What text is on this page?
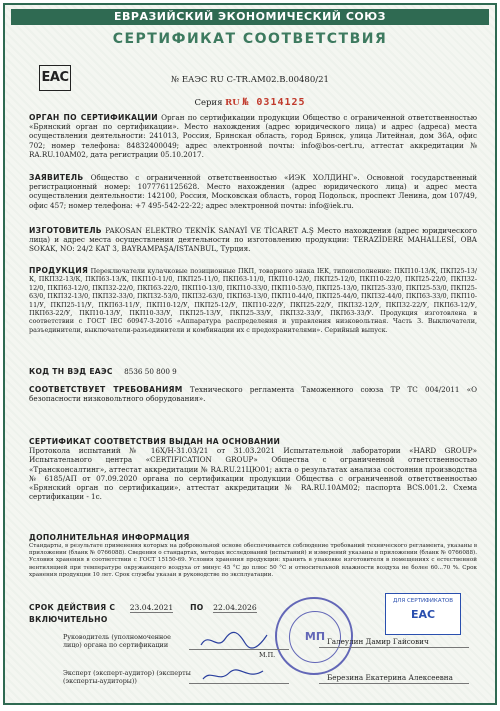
ЕВРАЗИЙСКИЙ ЭКОНОМИЧЕСКИЙ СОЮЗ
СЕРТИФИКАТ СООТВЕТСТВИЯ
ЕАС	№ ЕАЭС RU С-TR.АМ02.В.00480/21
Серия RU № 0314125
ОРГАН ПО СЕРТИФИКАЦИИ Орган по сертификации продукции Общество с ограниченной ответственностью «Брянский орган по сертификации». Место нахождения (адрес юридического лица) и адрес (адреса) места осуществления деятельности: 241013, Россия, Брянская область, город Брянск, улица Литейная, дом 36А, офис 702; номер телефона: 84832400049; адрес электронной почты: info@bos-cert.ru, аттестат аккредитации № RA.RU.10AM02, дата регистрации 05.10.2017.
ЗАЯВИТЕЛЬ Общество с ограниченной ответственностью «ИЭК ХОЛДИНГ». Основной государственный регистрационный номер: 1077761125628. Место нахождения (адрес юридического лица) и адрес места осуществления деятельности: 142100, Россия, Московская область, город Подольск, проспект Ленина, дом 107/49, офис 457; номер телефона: +7 495-542-22-22; адрес электронной почты: info@iek.ru.
ИЗГОТОВИТЕЛЬ PAKOSAN ELEKTRO TEKNİK SANAYİ VE TİCARET A.Ş Место нахождения (адрес юридического лица) и адрес места осуществления деятельности по изготовлению продукции: TERAZİDERE MAHALLESİ, OBA SOKAK, NO: 24/2 KAT 3, BAYRAMPAŞA/ISTANBUL, Турция.
ПРОДУКЦИЯ Переключатели кулачковые позиционные ПКП, товарного знака IEK, типоисполнение: ПКП10-13/К, ПКП25-13/К, ПКП32-13/К, ПКП63-13/К, ПКП10-11/0, ПКП25-11/0, ПКП63-11/0, ПКП10-12/0, ПКП25-12/0, ПКП10-22/0, ПКП25-22/0, ПКП32-12/0, ПКП63-12/0, ПКП32-22/0, ПКП63-22/0, ПКП10-13/0, ПКП10-33/0, ПКП10-53/0, ПКП25-13/0, ПКП25-33/0, ПКП25-53/0, ПКП25-63/0, ПКП32-13/0, ПКП32-33/0, ПКП32-53/0, ПКП32-63/0, ПКП63-13/0, ПКП10-44/0, ПКП25-44/0, ПКП32-44/0, ПКП63-33/0, ПКП10-11/У, ПКП25-11/У, ПКП63-11/У, ПКП10-12/У, ПКП25-12/У, ПКП10-22/У, ПКП25-22/У, ПКП32-12/У, ПКП32-22/У, ПКП63-12/У, ПКП63-22/У, ПКП10-13/У, ПКП10-33/У, ПКП25-13/У, ПКП25-33/У, ПКП32-33/У, ПКП63-33/У. Продукция изготовлена в соответствии с ГОСТ IEC 60947-3-2016 «Аппаратура распределения и управления низковольтная. Часть 3. Выключатели, разъединители, выключатели-разъединители и комбинации их с предохранителями». Серийный выпуск.
КОД ТН ВЭД ЕАЭС 8536 50 800 9
СООТВЕТСТВУЕТ ТРЕБОВАНИЯМ Технического регламента Таможенного союза ТР ТС 004/2011 «О безопасности низковольтного оборудования».
СЕРТИФИКАТ СООТВЕТСТВИЯ ВЫДАН НА ОСНОВАНИИ
Протокола испытаний № 16Х/Н-31.03/21 от 31.03.2021 Испытательной лаборатории «HARD GROUP» Испытательного центра «CERTIFICATION GROUP» Общества с ограниченной ответственностью «Трансконсалтинг», аттестат аккредитации № RA.RU.21ЦЮ01; акта о результатах анализа состояния производства № 6185/АП от 07.09.2020 органа по сертификации продукции Общества с ограниченной ответственностью «Брянский орган по сертификации», аттестат аккредитации № RA.RU.10AM02; паспорта BCS.001.2. Схема сертификации - 1с.
ДОПОЛНИТЕЛЬНАЯ ИНФОРМАЦИЯ
Стандарты, в результате применения которых на добровольной основе обеспечивается соблюдение требований технического регламента, указаны в приложении (бланк № 0766088). Сведения о стандартах, методах исследований (испытаний) и измерений указаны в приложении (бланк № 0766088). Условия хранения в соответствии с ГОСТ 15150-69. Условия хранения продукции: хранить в упаковке изготовителя в помещениях с естественной вентиляцией при температуре окружающего воздуха от минус 45 °С до плюс 50 °С и относительной влажности воздуха не более 60...70 %. Срок хранения продукции 10 лет. Срок службы указан в руководстве по эксплуатации.
СРОК ДЕЙСТВИЯ С 23.04.2021 ПО 22.04.2026
ВКЛЮЧИТЕЛЬНО
МП
ДЛЯ СЕРТИФИКАТОВ
ЕАС
Руководитель (уполномоченное лицо) органа по сертификации
М.П.
Галеулин Дамир Гайсович
Эксперт (эксперт-аудитор) (эксперты (эксперты-аудиторы))	Березина Екатерина Алексеевна
